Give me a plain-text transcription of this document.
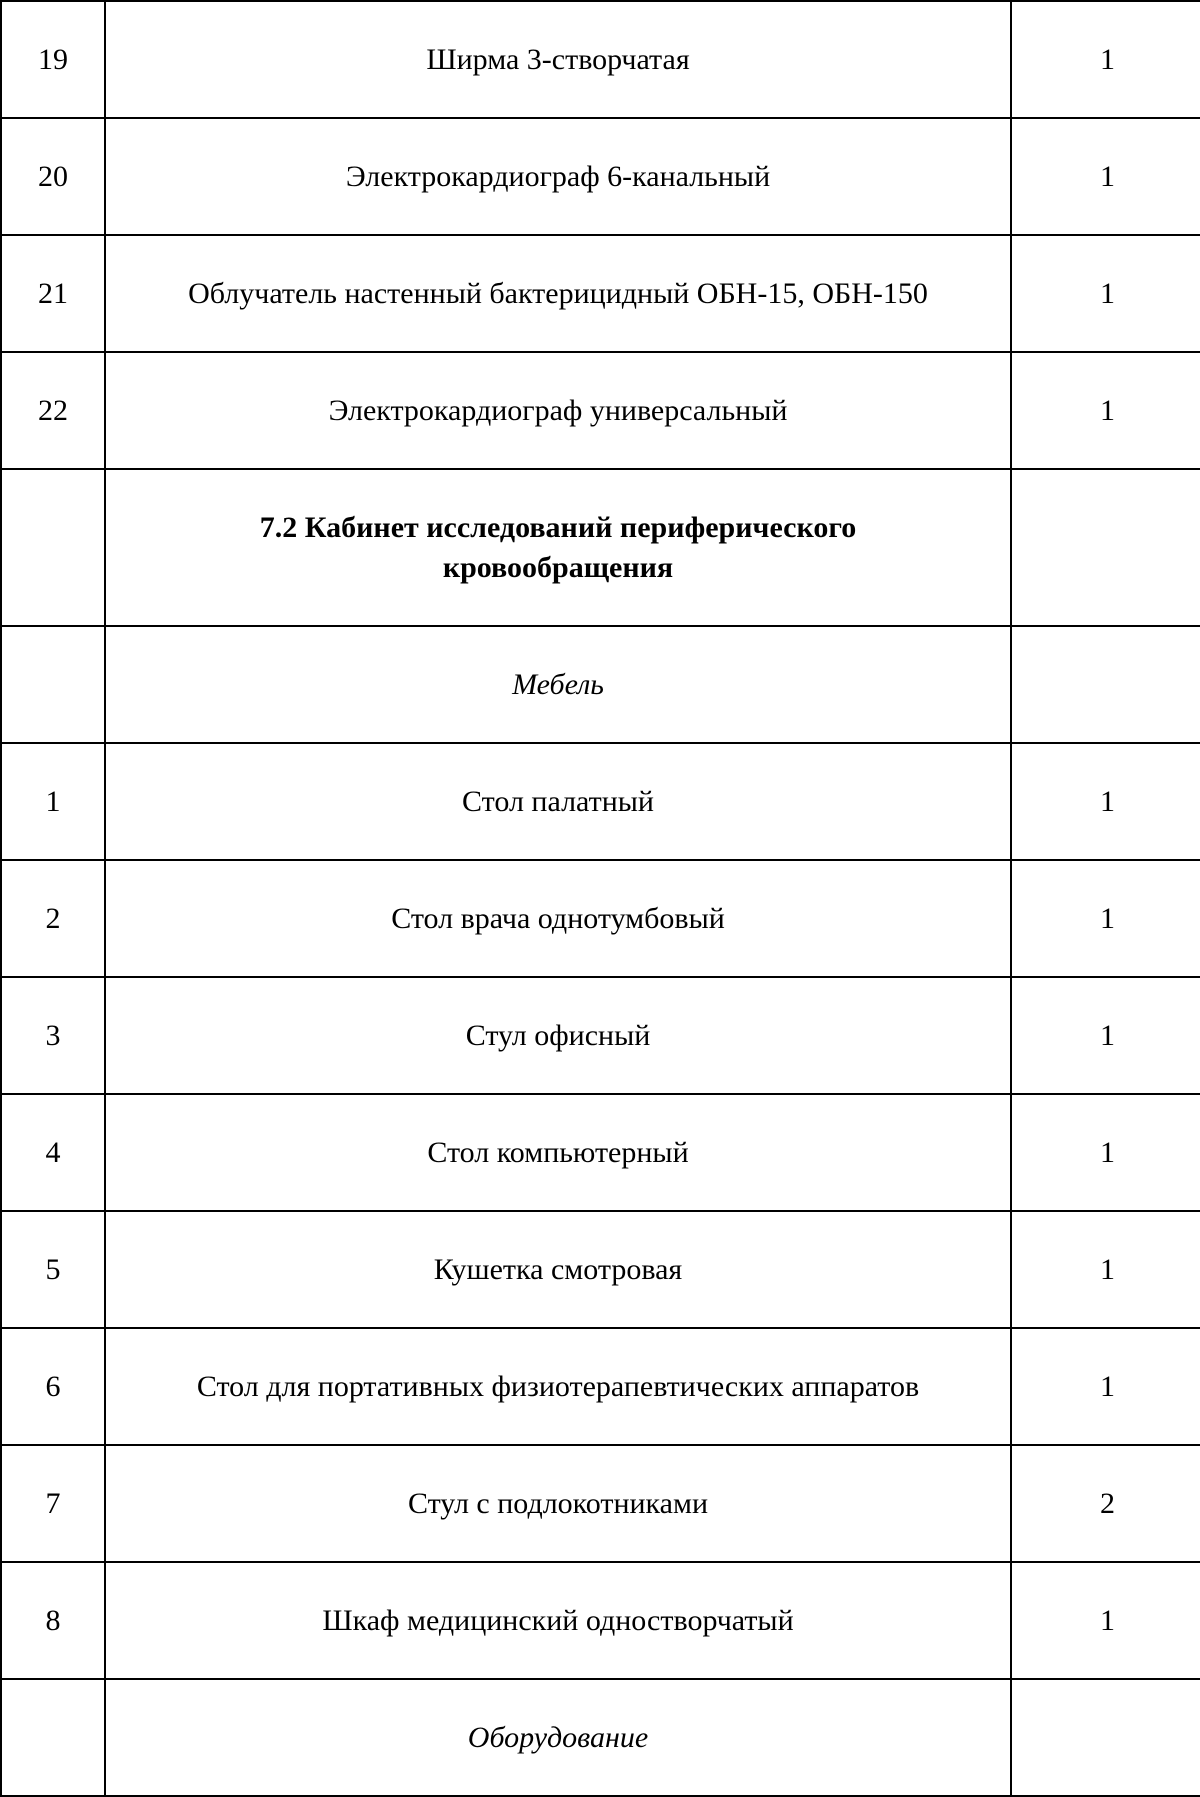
19	Ширма 3-створчатая	1
20	Электрокардиограф 6-канальный	1
21	Облучатель настенный бактерицидный ОБН-15, ОБН-150	1
22	Электрокардиограф универсальный	1

	7.2 Кабинет исследований периферического
кровообращения	

	Мебель	
1	Стол палатный	1
2	Стол врача однотумбовый	1
3	Стул офисный	1
4	Стол компьютерный	1
5	Кушетка смотровая	1
6	Стол для портативных физиотерапевтических аппаратов	1
7	Стул с подлокотниками	2
8	Шкаф медицинский одностворчатый	1
	Оборудование	
